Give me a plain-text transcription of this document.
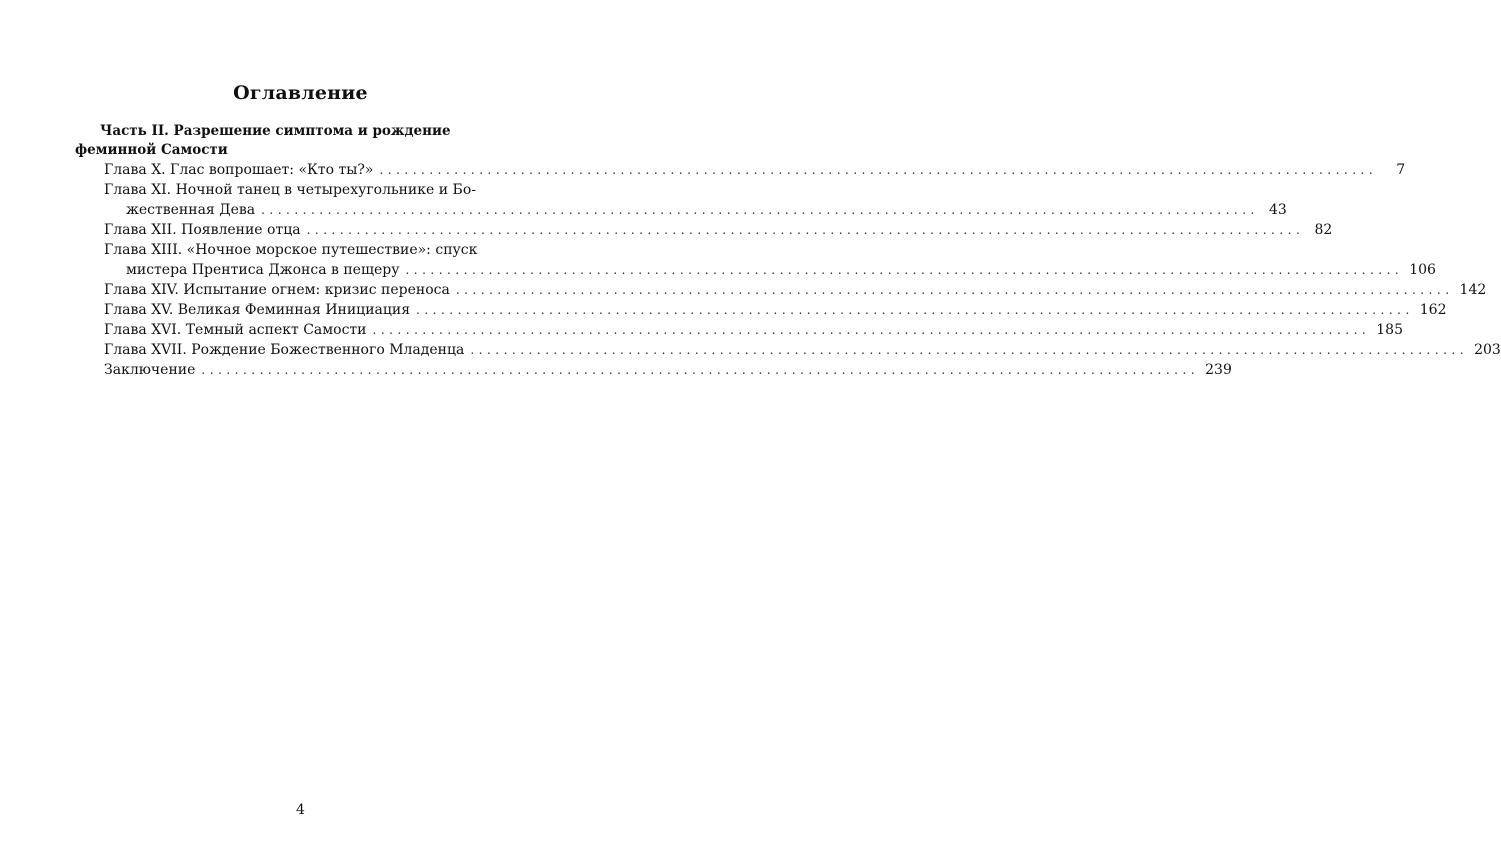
Оглавление
Часть II. Разрешение симптома и рождение
феминной Самости
Глава X. Глас вопрошает: «Кто ты?» ........................................................................................................................	7
Глава XI. Ночной танец в четырехугольнике и Бо-
жественная Дева ........................................................................................................................ 43
Глава XII. Появление отца ........................................................................................................................ 82
Глава XIII. «Ночное морское путешествие»: спуск
мистера Прентиса Джонса в пещеру ........................................................................................................................ 106
Глава XIV. Испытание огнем: кризис переноса ........................................................................................................................ 142
Глава XV. Великая Феминная Инициация ........................................................................................................................ 162
Глава XVI. Темный аспект Самости ........................................................................................................................ 185
Глава XVII. Рождение Божественного Младенца ........................................................................................................................ 203
Заключение ........................................................................................................................ 239
4
